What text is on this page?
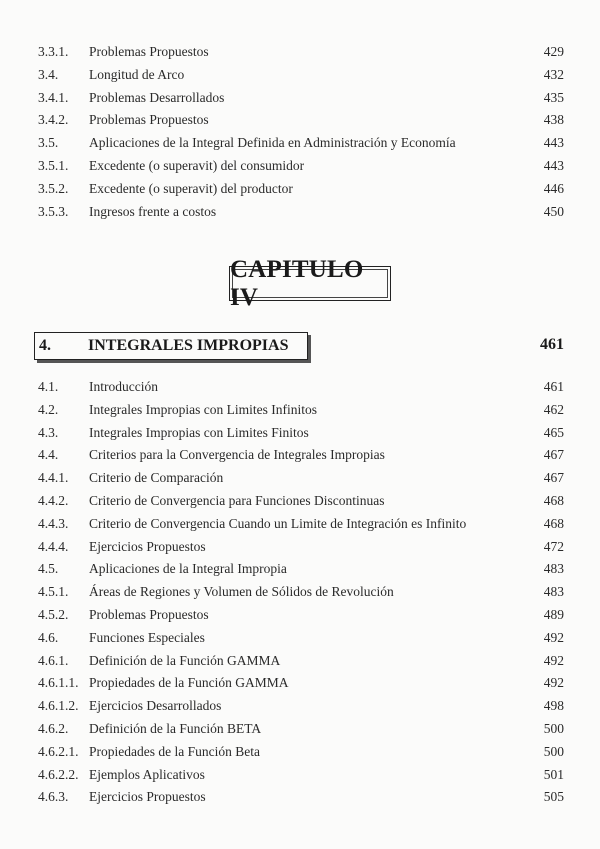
3.3.1. Problemas Propuestos	429
3.4. Longitud de Arco	432
3.4.1. Problemas Desarrollados	435
3.4.2. Problemas Propuestos	438
3.5. Aplicaciones de la Integral Definida en Administración y Economía	443
3.5.1. Excedente (o superavit) del consumidor	443
3.5.2. Excedente (o superavit) del productor	446
3.5.3. Ingresos frente a costos	450
CAPITULO IV
4. INTEGRALES IMPROPIAS	461
4.1. Introducción	461
4.2. Integrales Impropias con Limites Infinitos	462
4.3. Integrales Impropias con Limites Finitos	465
4.4. Criterios para la Convergencia de Integrales Impropias	467
4.4.1. Criterio de Comparación	467
4.4.2. Criterio de Convergencia para Funciones Discontinuas	468
4.4.3. Criterio de Convergencia Cuando un Limite de Integración es Infinito	468
4.4.4. Ejercicios Propuestos	472
4.5. Aplicaciones de la Integral Impropia	483
4.5.1. Áreas de Regiones y Volumen de Sólidos de Revolución	483
4.5.2. Problemas Propuestos	489
4.6. Funciones Especiales	492
4.6.1. Definición de la Función GAMMA	492
4.6.1.1. Propiedades de la Función GAMMA	492
4.6.1.2. Ejercicios Desarrollados	498
4.6.2. Definición de la Función BETA	500
4.6.2.1. Propiedades de la Función Beta	500
4.6.2.2. Ejemplos Aplicativos	501
4.6.3. Ejercicios Propuestos	505
